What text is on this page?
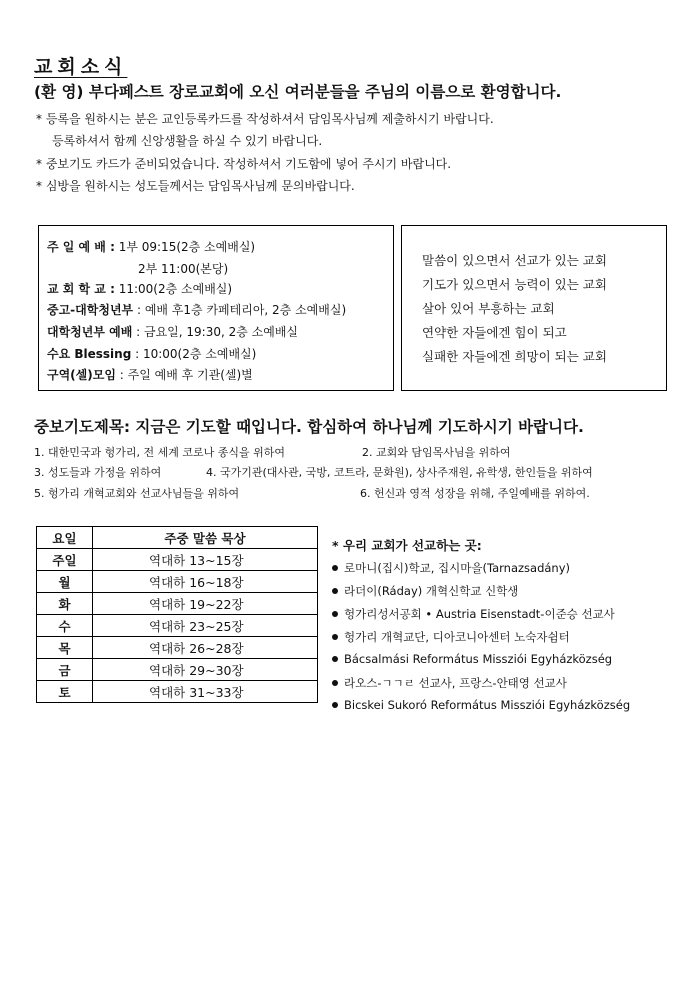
교회소식
(환 영) 부다페스트 장로교회에 오신 여러분들을 주님의 이름으로 환영합니다.
* 등록을 원하시는 분은 교인등록카드를 작성하셔서 담임목사님께 제출하시기 바랍니다.
등록하셔서 함께 신앙생활을 하실 수 있기 바랍니다.
* 중보기도 카드가 준비되었습니다. 작성하셔서 기도함에 넣어 주시기 바랍니다.
* 심방을 원하시는 성도들께서는 담임목사님께 문의바랍니다.
주 일 예 배 : 1부 09:15(2층 소예배실)
2부 11:00(본당)
교 회 학 교 : 11:00(2층 소예배실)
중고-대학청년부 : 예배 후1층 카페테리아, 2층 소예배실)
대학청년부 예배 : 금요일, 19:30, 2층 소예배실
수요 Blessing : 10:00(2층 소예배실)
구역(셀)모임 : 주일 예배 후 기관(셀)별
말씀이 있으면서 선교가 있는 교회
기도가 있으면서 능력이 있는 교회
살아 있어 부흥하는 교회
연약한 자들에겐 힘이 되고
실패한 자들에겐 희망이 되는 교회
중보기도제목: 지금은 기도할 때입니다. 합심하여 하나님께 기도하시기 바랍니다.
1. 대한민국과 헝가리, 전 세계 코로나 종식을 위하여	2. 교회와 담임목사님을 위하여
3. 성도들과 가정을 위하여	4. 국가기관(대사관, 국방, 코트라, 문화원), 상사주재원, 유학생, 한인들을 위하여
5. 헝가리 개혁교회와 선교사님들을 위하여	6. 헌신과 영적 성장을 위해, 주일예배를 위하여.
요일	주중 말씀 묵상
주일	역대하 13~15장
월	역대하 16~18장
화	역대하 19~22장
수	역대하 23~25장
목	역대하 26~28장
금	역대하 29~30장
토	역대하 31~33장
* 우리 교회가 선교하는 곳:
로마니(집시)학교, 집시마을(Tarnazsadány)
라더이(Ráday) 개혁신학교 신학생
헝가리성서공회 • Austria Eisenstadt-이준승 선교사
헝가리 개혁교단, 디아코니아센터 노숙자쉼터
Bácsalmási Református Missziói Egyházközség
라오스-ㄱㄱㄹ 선교사, 프랑스-안태영 선교사
Bicskei Sukoró Református Missziói Egyházközség
